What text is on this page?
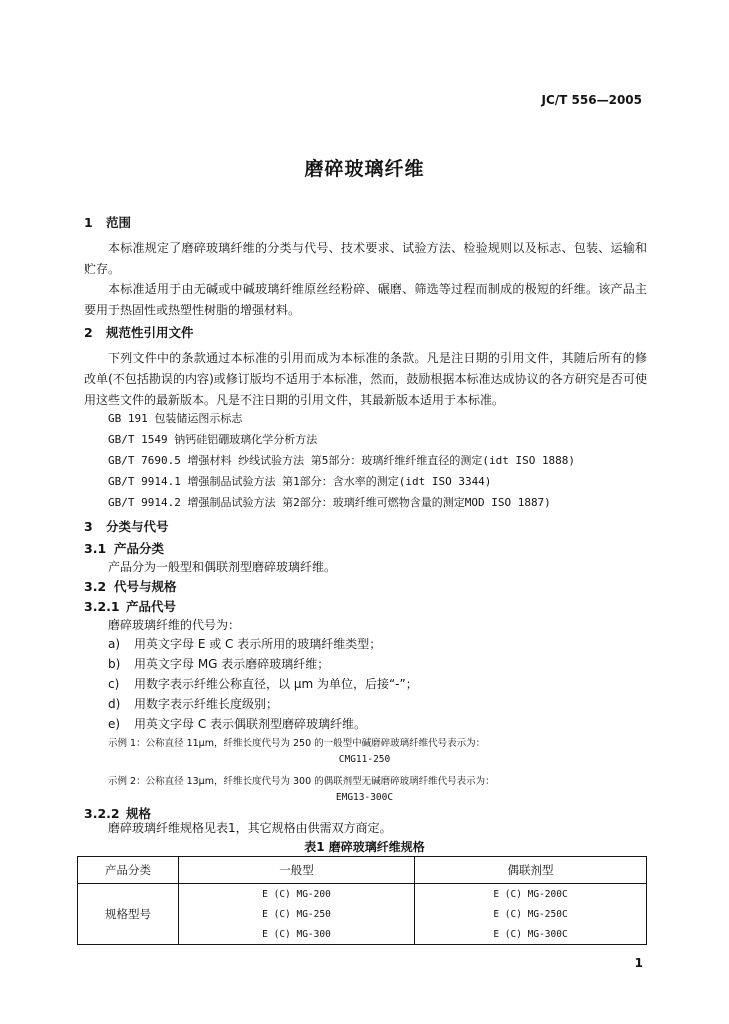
JC/T 556—2005
磨碎玻璃纤维
1 范围
本标准规定了磨碎玻璃纤维的分类与代号、技术要求、试验方法、检验规则以及标志、包装、运输和贮存。
本标准适用于由无碱或中碱玻璃纤维原丝经粉碎、碾磨、筛选等过程而制成的极短的纤维。该产品主要用于热固性或热塑性树脂的增强材料。
2 规范性引用文件
下列文件中的条款通过本标准的引用而成为本标准的条款。凡是注日期的引用文件，其随后所有的修改单(不包括勘误的内容)或修订版均不适用于本标准，然而，鼓励根据本标准达成协议的各方研究是否可使用这些文件的最新版本。凡是不注日期的引用文件，其最新版本适用于本标准。
GB 191 包装储运图示标志
GB/T 1549 钠钙硅铝硼玻璃化学分析方法
GB/T 7690.5 增强材料 纱线试验方法 第5部分：玻璃纤维纤维直径的测定(idt ISO 1888)
GB/T 9914.1 增强制品试验方法 第1部分：含水率的测定(idt ISO 3344)
GB/T 9914.2 增强制品试验方法 第2部分：玻璃纤维可燃物含量的测定MOD ISO 1887)
3 分类与代号
3.1 产品分类
产品分为一般型和偶联剂型磨碎玻璃纤维。
3.2 代号与规格
3.2.1 产品代号
磨碎玻璃纤维的代号为：
a) 用英文字母 E 或 C 表示所用的玻璃纤维类型；
b) 用英文字母 MG 表示磨碎玻璃纤维；
c) 用数字表示纤维公称直径，以 μm 为单位，后接“-”；
d) 用数字表示纤维长度级别；
e) 用英文字母 C 表示偶联剂型磨碎玻璃纤维。
示例 1：公称直径 11μm，纤维长度代号为 250 的一般型中碱磨碎玻璃纤维代号表示为：
CMG11-250
示例 2：公称直径 13μm，纤维长度代号为 300 的偶联剂型无碱磨碎玻璃纤维代号表示为：
EMG13-300C
3.2.2 规格
磨碎玻璃纤维规格见表1，其它规格由供需双方商定。
表1 磨碎玻璃纤维规格
产品分类	一般型	偶联剂型
规格型号	E (C) MG-200	E (C) MG-200C
	E (C) MG-250	E (C) MG-250C
	E (C) MG-300	E (C) MG-300C
1
